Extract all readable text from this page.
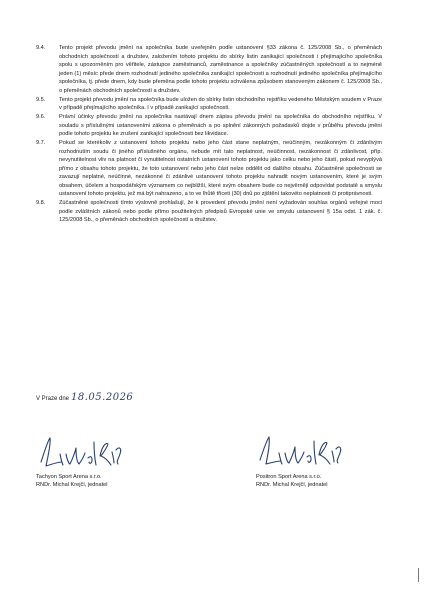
9.4.	Tento projekt převodu jmění na společníka bude uveřejněn podle ustanovení §33 zákona č. 125/2008 Sb., o přeměnách obchodních společností a družstev, založením tohoto projektu do sbírky listin zanikající společnosti i přejímajícího společníka spolu s upozorněním pro věřitele, zástupce zaměstnanců, zaměstnance a společníky zúčastněných společností a to nejméně jeden (1) měsíc přede dnem rozhodnutí jediného společníka zanikající společnosti a rozhodnutí jediného společníka přejímajícího společníka, tj. přede dnem, kdy bude přeměna podle tohoto projektu schválena způsobem stanoveným zákonem č. 125/2008 Sb., o přeměnách obchodních společností a družstev.
9.5.	Tento projekt převodu jmění na společníka bude uložen do sbírky listin obchodního rejstříku vedeného Městským soudem v Praze v případě přejímajícího společníka. I v případě zanikající společnosti.
9.6.	Právní účinky převodu jmění na společníka nastávají dnem zápisu převodu jmění na společníka do obchodního rejstříku. V souladu s příslušnými ustanoveními zákona o přeměnách a po splnění zákonných požadavků dojde v průběhu převodu jmění podle tohoto projektu ke zrušení zanikající společnosti bez likvidace.
9.7.	Pokud se kterékoliv z ustanovení tohoto projektu nebo jeho část stane neplatným, neúčinným, nezákonným či zdánlivým rozhodnutím soudu či jiného příslušného orgánu, nebude mít tato neplatnost, neúčinnost, nezákonnost či zdánlivost, příp. nevynutitelnost vliv na platnost či vynutitelnost ostatních ustanovení tohoto projektu jako celku nebo jeho částí, pokud nevyplývá přímo z obsahu tohoto projektu, že toto ustanovení nebo jeho část nelze oddělit od dalšího obsahu. Zúčastněné společnosti se zavazují neplatné, neúčinné, nezákonné či zdánlivé ustanovení tohoto projektu nahradit novým ustanovením, které je svým obsahem, účelem a hospodářským významem co nejbližší, které svým obsahem bude co nejvěrněji odpovídat podstatě a smyslu ustanovení tohoto projektu, jež má být nahrazeno, a to ve lhůtě třiceti (30) dnů po zjištění takovéto neplatnosti či protiprávnosti.
9.8.	Zúčastněné společnosti tímto výslovně prohlašují, že k provedení převodu jmění není vyžadován souhlas orgánů veřejné moci podle zvláštních zákonů nebo podle přímo použitelných předpisů Evropské unie ve smyslu ustanovení § 15a odst. 1 zák. č. 125/2008 Sb., o přeměnách obchodních společností a družstev.
V Praze dne 18.05.2026
Tachyon Sport Arena s.r.o.
RNDr. Michal Krejčí, jednatel
Positron Sport Arena s.r.o.
RNDr. Michal Krejčí, jednatel
